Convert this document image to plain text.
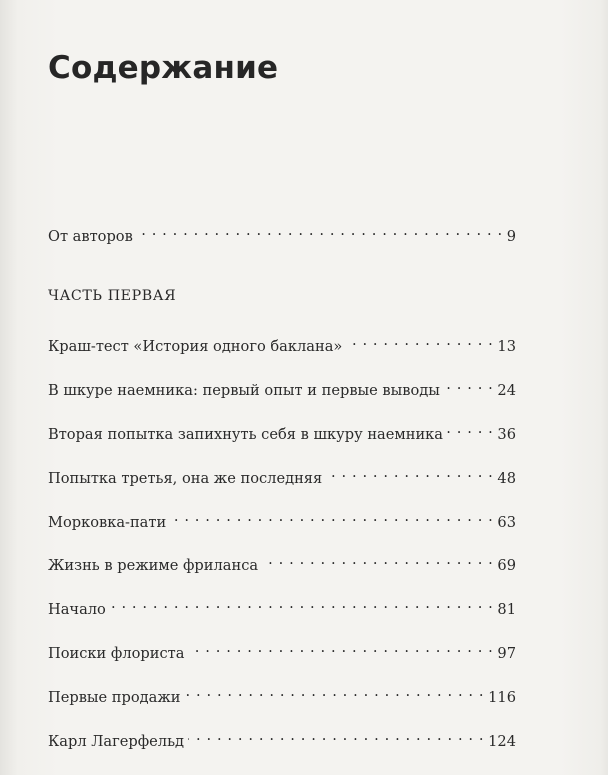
Содержание
От авторов . . .	9
ЧАСТЬ ПЕРВАЯ
Краш-тест «История одного баклана» . . .	13
В шкуре наемника: первый опыт и первые выводы . . .	24
Вторая попытка запихнуть себя в шкуру наемника . . .	36
Попытка третья, она же последняя . . .	48
Морковка-пати . . .	63
Жизнь в режиме фриланса . . .	69
Начало . . .	81
Поиски флориста . . .	97
Первые продажи . . .	116
Карл Лагерфельд . . .	124
